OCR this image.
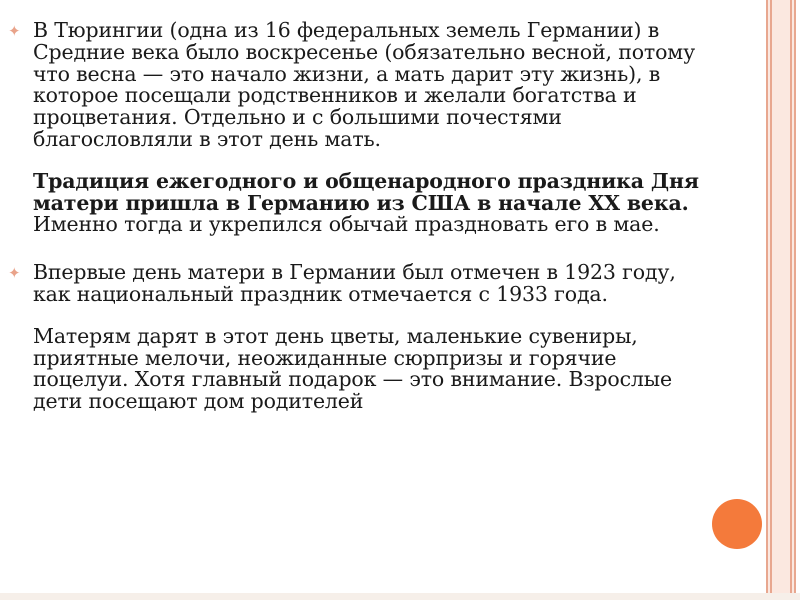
✦ В Тюрингии (одна из 16 федеральных земель Германии) в Средние века было воскресенье (обязательно весной, потому что весна — это начало жизни, а мать дарит эту жизнь), в которое посещали родственников и желали богатства и процветания. Отдельно и с большими почестями благословляли в этот день мать.

Традиция ежегодного и общенародного праздника Дня матери пришла в Германию из США в начале XX века. Именно тогда и укрепился обычай праздновать его в мае.

✦ Впервые день матери в Германии был отмечен в 1923 году, как национальный праздник отмечается с 1933 года.

Матерям дарят в этот день цветы, маленькие сувениры, приятные мелочи, неожиданные сюрпризы и горячие поцелуи. Хотя главный подарок — это внимание. Взрослые дети посещают дом родителей
